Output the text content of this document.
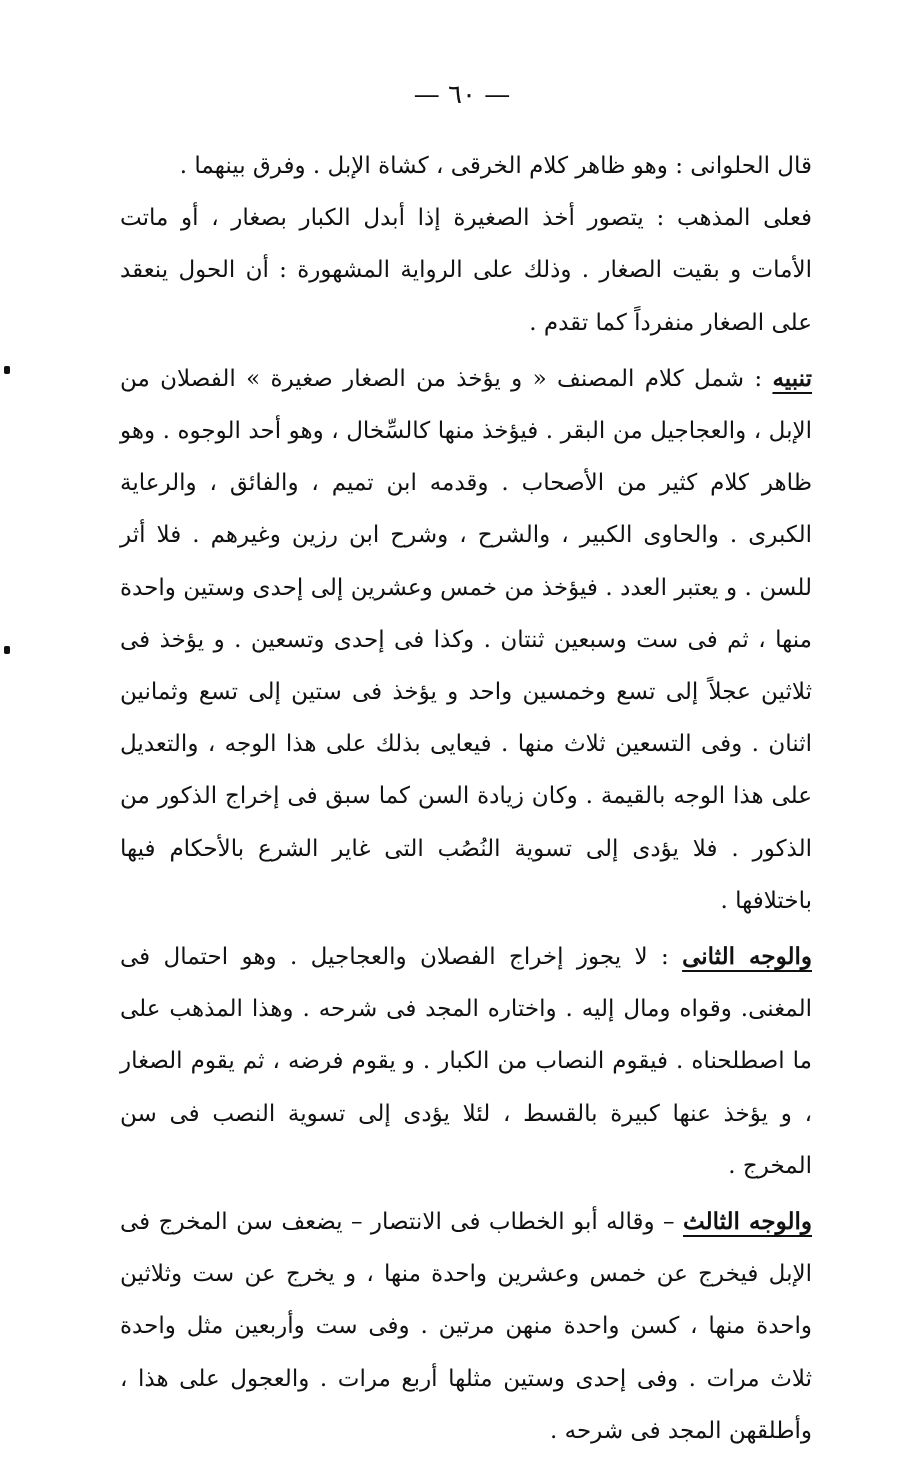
— ٦٠ —

قال الحلوانى : وهو ظاهر كلام الخرقى ، كشاة الإبل . وفرق بينهما .

فعلى المذهب : يتصور أخذ الصغيرة إذا أبدل الكبار بصغار ، أو ماتت الأمات و بقيت الصغار . وذلك على الرواية المشهورة : أن الحول ينعقد على الصغار منفرداً كما تقدم .

تنبيه : شمل كلام المصنف « و يؤخذ من الصغار صغيرة » الفصلان من الإبل ، والعجاجيل من البقر . فيؤخذ منها كالسِّخال ، وهو أحد الوجوه . وهو ظاهر كلام كثير من الأصحاب . وقدمه ابن تميم ، والفائق ، والرعاية الكبرى . والحاوى الكبير ، والشرح ، وشرح ابن رزين وغيرهم . فلا أثر للسن . و يعتبر العدد . فيؤخذ من خمس وعشرين إلى إحدى وستين واحدة منها ، ثم فى ست وسبعين ثنتان . وكذا فى إحدى وتسعين . و يؤخذ فى ثلاثين عجلاً إلى تسع وخمسين واحد و يؤخذ فى ستين إلى تسع وثمانين اثنان . وفى التسعين ثلاث منها . فيعايى بذلك على هذا الوجه ، والتعديل على هذا الوجه بالقيمة . وكان زيادة السن كما سبق فى إخراج الذكور من الذكور . فلا يؤدى إلى تسوية النُصُب التى غاير الشرع بالأحكام فيها باختلافها .

والوجه الثانى : لا يجوز إخراج الفصلان والعجاجيل . وهو احتمال فى المغنى. وقواه ومال إليه . واختاره المجد فى شرحه . وهذا المذهب على ما اصطلحناه . فيقوم النصاب من الكبار . و يقوم فرضه ، ثم يقوم الصغار ، و يؤخذ عنها كبيرة بالقسط ، لئلا يؤدى إلى تسوية النصب فى سن المخرج .

والوجه الثالث – وقاله أبو الخطاب فى الانتصار – يضعف سن المخرج فى الإبل فيخرج عن خمس وعشرين واحدة منها ، و يخرج عن ست وثلاثين واحدة منها ، كسن واحدة منهن مرتين . وفى ست وأربعين مثل واحدة ثلاث مرات . وفى إحدى وستين مثلها أربع مرات . والعجول على هذا ، وأطلقهن المجد فى شرحه .
